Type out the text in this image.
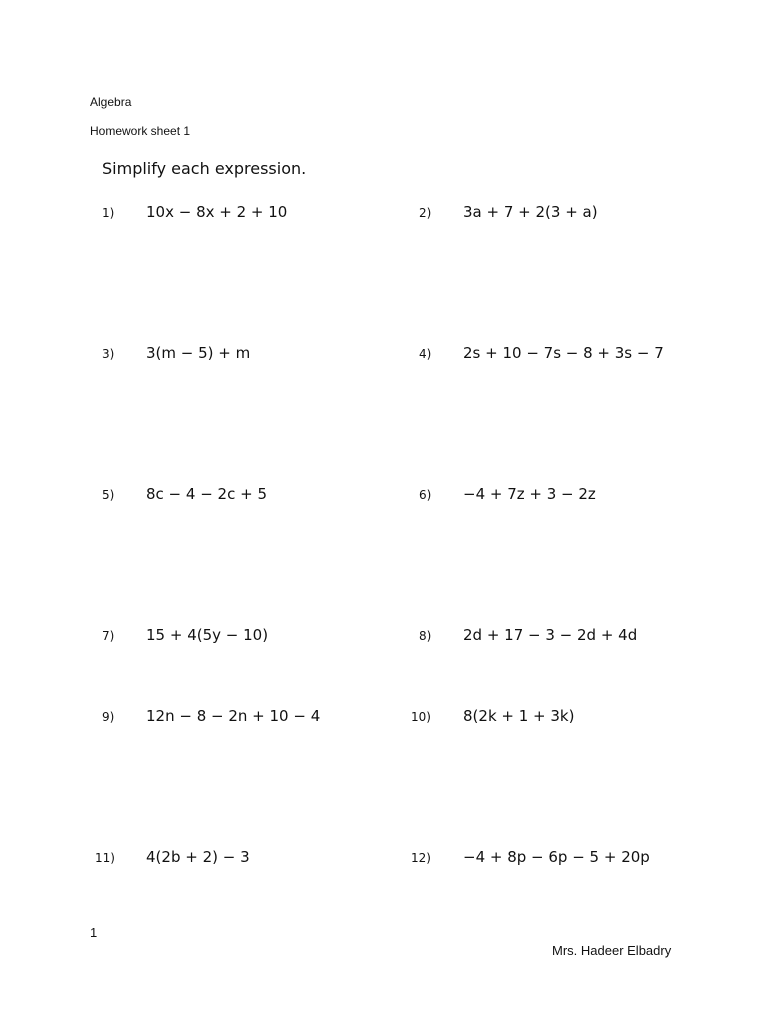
Algebra
Homework sheet 1
Simplify each expression.
1) 10x − 8x + 2 + 10	2) 3a + 7 + 2(3 + a)
3) 3(m − 5) + m	4) 2s + 10 − 7s − 8 + 3s − 7
5) 8c − 4 − 2c + 5	6) −4 + 7z + 3 − 2z
7) 15 + 4(5y − 10)	8) 2d + 17 − 3 − 2d + 4d
9) 12n − 8 − 2n + 10 − 4	10) 8(2k + 1 + 3k)
11) 4(2b + 2) − 3	12) −4 + 8p − 6p − 5 + 20p
1
Mrs. Hadeer Elbadry
